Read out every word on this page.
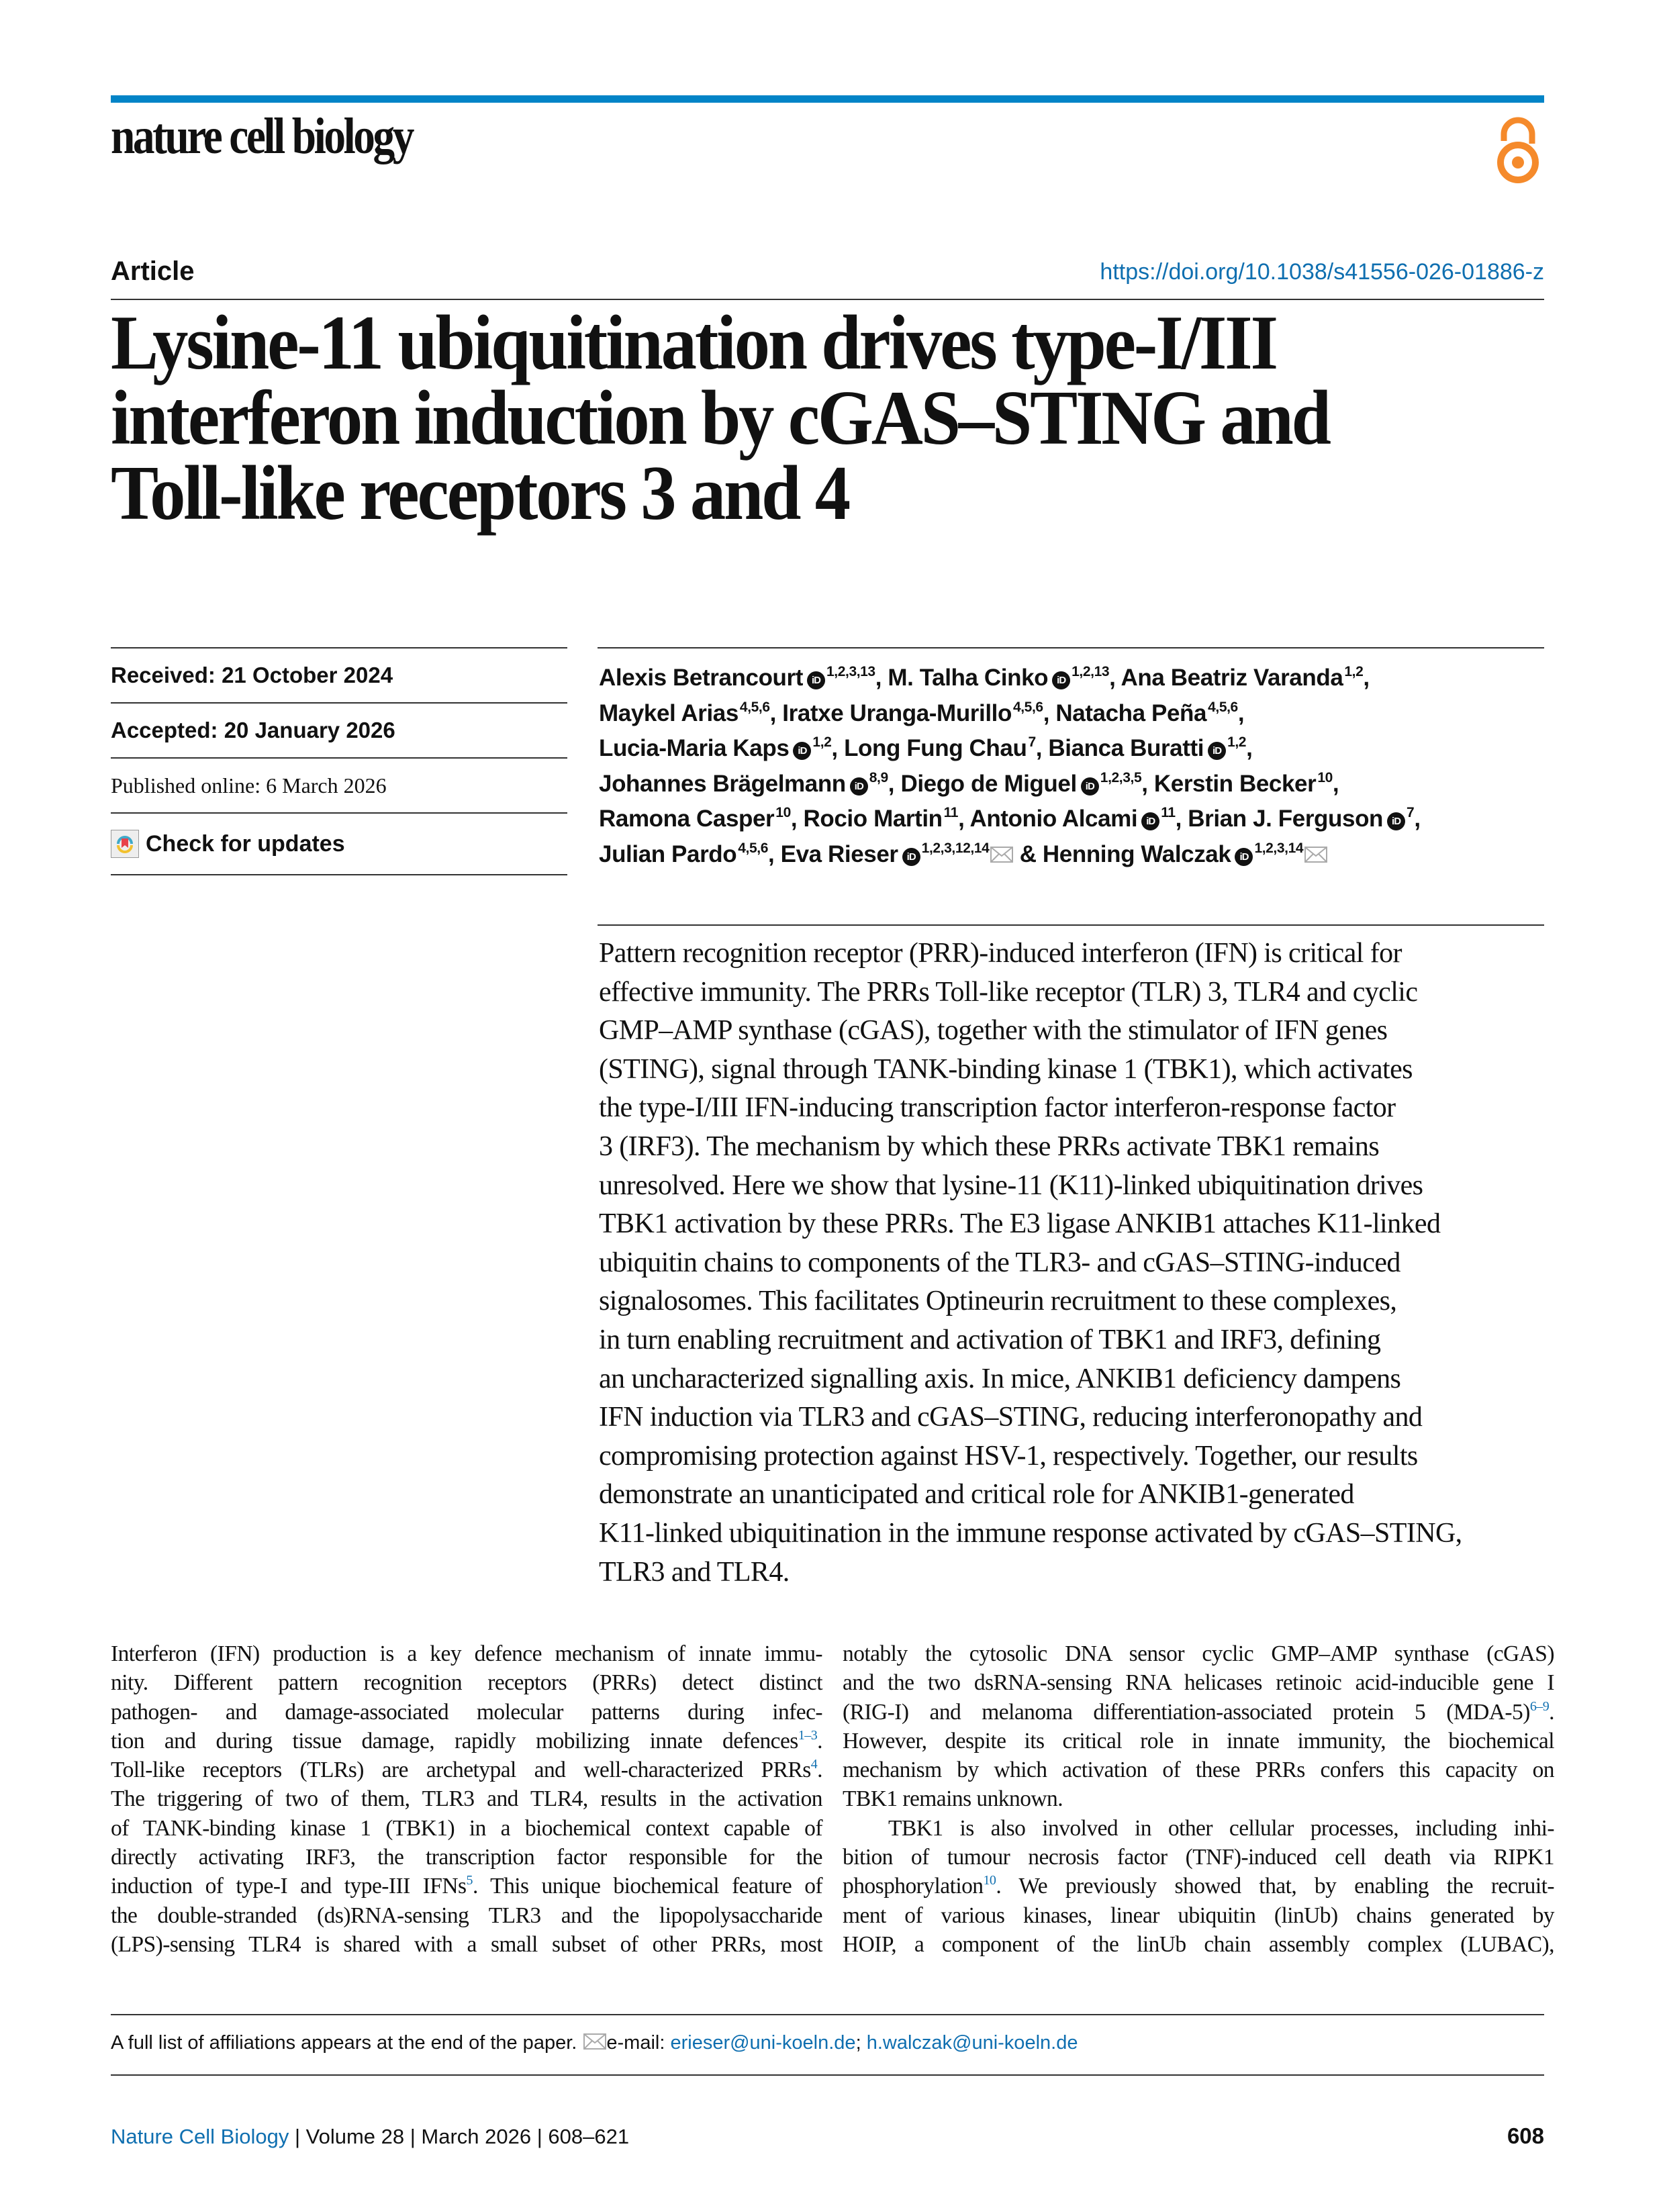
nature cell biology
Article	https://doi.org/10.1038/s41556-026-01886-z
Lysine-11 ubiquitination drives type-I/III
interferon induction by cGAS–STING and
Toll-like receptors 3 and 4
Received: 21 October 2024
Accepted: 20 January 2026
Published online: 6 March 2026
Check for updates
Alexis Betrancourt iD$^{1,2,3,13}$, M. Talha Cinko iD$^{1,2,13}$, Ana Beatriz Varanda$^{1,2}$,
Maykel Arias$^{4,5,6}$, Iratxe Uranga-Murillo$^{4,5,6}$, Natacha Peña$^{4,5,6}$,
Lucia-Maria Kaps iD$^{1,2}$, Long Fung Chau$^7$, Bianca Buratti iD$^{1,2}$,
Johannes Brägelmann iD$^{8,9}$, Diego de Miguel iD$^{1,2,3,5}$, Kerstin Becker$^{10}$,
Ramona Casper$^{10}$, Rocio Martin$^{11}$, Antonio Alcami iD$^{11}$, Brian J. Ferguson iD$^7$,
Julian Pardo$^{4,5,6}$, Eva Rieser iD$^{1,2,3,12,14}$ & Henning Walczak iD$^{1,2,3,14}$
Pattern recognition receptor (PRR)-induced interferon (IFN) is critical for
effective immunity. The PRRs Toll-like receptor (TLR) 3, TLR4 and cyclic
GMP–AMP synthase (cGAS), together with the stimulator of IFN genes
(STING), signal through TANK-binding kinase 1 (TBK1), which activates
the type-I/III IFN-inducing transcription factor interferon-response factor
3 (IRF3). The mechanism by which these PRRs activate TBK1 remains
unresolved. Here we show that lysine-11 (K11)-linked ubiquitination drives
TBK1 activation by these PRRs. The E3 ligase ANKIB1 attaches K11-linked
ubiquitin chains to components of the TLR3- and cGAS–STING-induced
signalosomes. This facilitates Optineurin recruitment to these complexes,
in turn enabling recruitment and activation of TBK1 and IRF3, defining
an uncharacterized signalling axis. In mice, ANKIB1 deficiency dampens
IFN induction via TLR3 and cGAS–STING, reducing interferonopathy and
compromising protection against HSV-1, respectively. Together, our results
demonstrate an unanticipated and critical role for ANKIB1-generated
K11-linked ubiquitination in the immune response activated by cGAS–STING,
TLR3 and TLR4.
Interferon (IFN) production is a key defence mechanism of innate immu-
nity. Different pattern recognition receptors (PRRs) detect distinct
pathogen- and damage-associated molecular patterns during infec-
tion and during tissue damage, rapidly mobilizing innate defences$^{1-3}$.
Toll-like receptors (TLRs) are archetypal and well-characterized PRRs$^4$.
The triggering of two of them, TLR3 and TLR4, results in the activation
of TANK-binding kinase 1 (TBK1) in a biochemical context capable of
directly activating IRF3, the transcription factor responsible for the
induction of type-I and type-III IFNs$^5$. This unique biochemical feature of
the double-stranded (ds)RNA-sensing TLR3 and the lipopolysaccharide
(LPS)-sensing TLR4 is shared with a small subset of other PRRs, most
notably the cytosolic DNA sensor cyclic GMP–AMP synthase (cGAS)
and the two dsRNA-sensing RNA helicases retinoic acid-inducible gene I
(RIG-I) and melanoma differentiation-associated protein 5 (MDA-5)$^{6-9}$.
However, despite its critical role in innate immunity, the biochemical
mechanism by which activation of these PRRs confers this capacity on
TBK1 remains unknown.
TBK1 is also involved in other cellular processes, including inhi-
bition of tumour necrosis factor (TNF)-induced cell death via RIPK1
phosphorylation$^{10}$. We previously showed that, by enabling the recruit-
ment of various kinases, linear ubiquitin (linUb) chains generated by
HOIP, a component of the linUb chain assembly complex (LUBAC),
A full list of affiliations appears at the end of the paper. e-mail: erieser@uni-koeln.de; h.walczak@uni-koeln.de
Nature Cell Biology | Volume 28 | March 2026 | 608–621	608
